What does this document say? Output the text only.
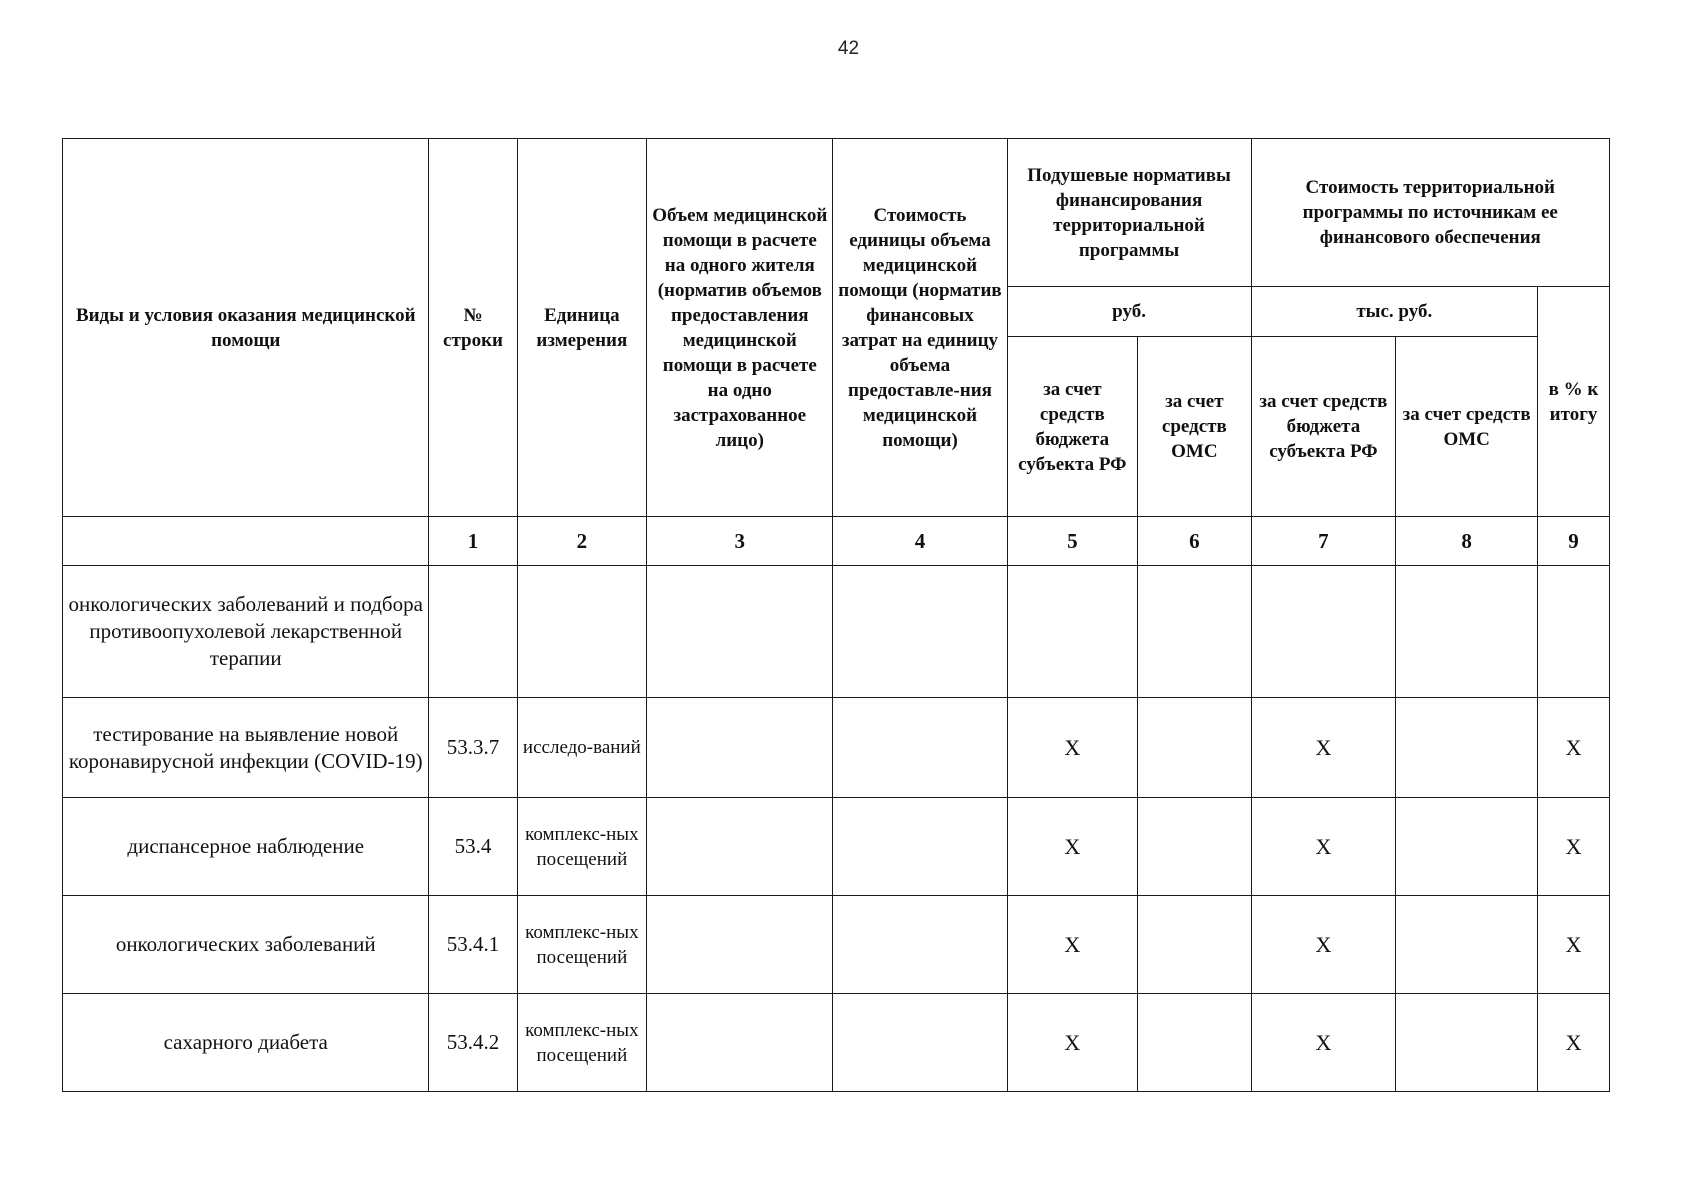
42
Виды и условия оказания медицинской помощи	№ строки	Единица измерения	Объем медицинской помощи в расчете на одного жителя (норматив объемов предоставления медицинской помощи в расчете на одно застрахованное лицо)	Стоимость единицы объема медицинской помощи (норматив финансовых затрат на единицу объема предоставле-ния медицинской помощи)	Подушевые нормативы финансирования территориальной программы		Стоимость территориальной программы по источникам ее финансового обеспечения		
					руб.		тыс. руб.		в % к итогу
					за счет средств бюджета субъекта РФ	за счет средств ОМС	за счет средств бюджета субъекта РФ	за счет средств ОМС	
	1	2	3	4	5	6	7	8	9
онкологических заболеваний и подбора противоопухолевой лекарственной терапии									
тестирование на выявление новой коронавирусной инфекции (COVID-19)	53.3.7	исследо-ваний			X		X		X
диспансерное наблюдение	53.4	комплекс-ных посещений			X		X		X
онкологических заболеваний	53.4.1	комплекс-ных посещений			X		X		X
сахарного диабета	53.4.2	комплекс-ных посещений			X		X		X
